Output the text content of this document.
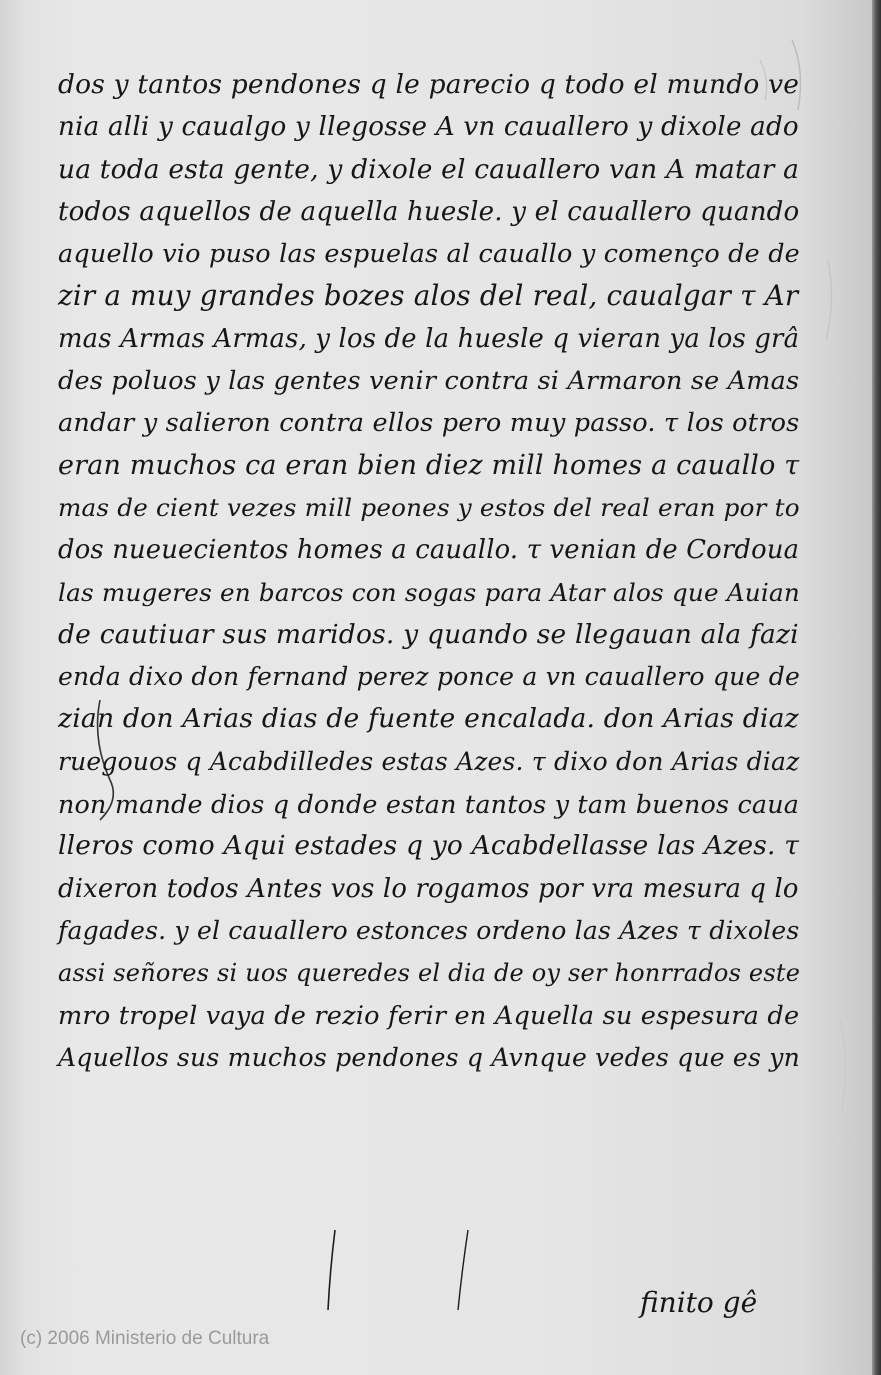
dos y tantos pendones q le parecio q todo el mundo ve
nia alli y caualgo y llegosse A vn cauallero y dixole ado
ua toda esta gente, y dixole el cauallero van A matar a
todos aquellos de aquella huesle. y el cauallero quando
aquello vio puso las espuelas al cauallo y començo de de
zir a muy grandes bozes alos del real, caualgar τ Ar
mas Armas Armas, y los de la huesle q vieran ya los grâ
des poluos y las gentes venir contra si Armaron se Amas
andar y salieron contra ellos pero muy passo. τ los otros
eran muchos ca eran bien diez mill homes a cauallo τ
mas de cient vezes mill peones y estos del real eran por to
dos nueuecientos homes a cauallo. τ venian de Cordoua
las mugeres en barcos con sogas para Atar alos que Auian
de cautiuar sus maridos. y quando se llegauan ala fazi
enda dixo don fernand perez ponce a vn cauallero que de
zian don Arias dias de fuente encalada. don Arias diaz
ruegouos q Acabdilledes estas Azes. τ dixo don Arias diaz
non mande dios q donde estan tantos y tam buenos caua
lleros como Aqui estades q yo Acabdellasse las Azes. τ
dixeron todos Antes vos lo rogamos por vra mesura q lo
fagades. y el cauallero estonces ordeno las Azes τ dixoles
assi señores si uos queredes el dia de oy ser honrrados este
mro tropel vaya de rezio ferir en Aquella su espesura de
Aquellos sus muchos pendones q Avnque vedes que es yn
finito gê
(c) 2006 Ministerio de Cultura
